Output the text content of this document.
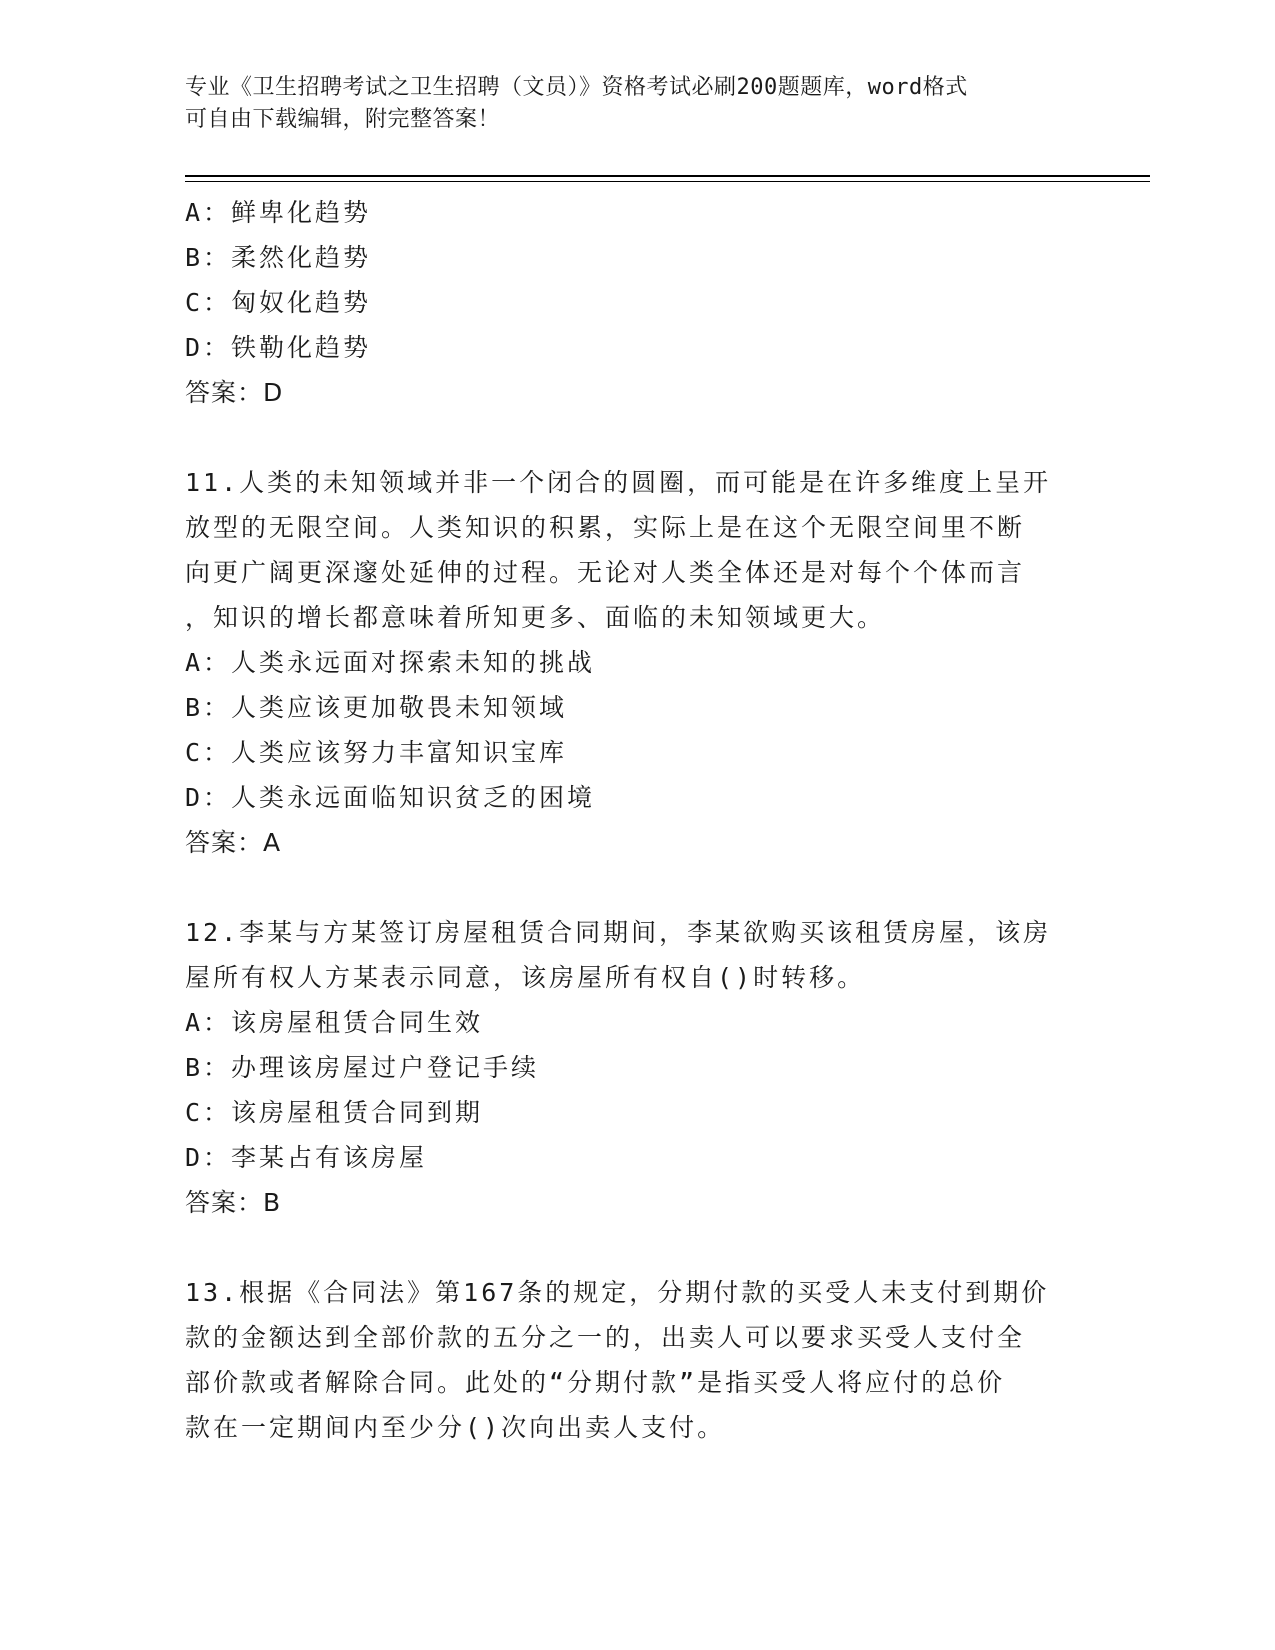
专业《卫生招聘考试之卫生招聘（文员）》资格考试必刷200题题库，word格式
可自由下载编辑，附完整答案！
A：鲜卑化趋势
B：柔然化趋势
C：匈奴化趋势
D：铁勒化趋势
答案：D
11.人类的未知领域并非一个闭合的圆圈，而可能是在许多维度上呈开
放型的无限空间。人类知识的积累，实际上是在这个无限空间里不断
向更广阔更深邃处延伸的过程。无论对人类全体还是对每个个体而言
，知识的增长都意味着所知更多、面临的未知领域更大。
A：人类永远面对探索未知的挑战
B：人类应该更加敬畏未知领域
C：人类应该努力丰富知识宝库
D：人类永远面临知识贫乏的困境
答案：A
12.李某与方某签订房屋租赁合同期间，李某欲购买该租赁房屋，该房
屋所有权人方某表示同意，该房屋所有权自()时转移。
A：该房屋租赁合同生效
B：办理该房屋过户登记手续
C：该房屋租赁合同到期
D：李某占有该房屋
答案：B
13.根据《合同法》第167条的规定，分期付款的买受人未支付到期价
款的金额达到全部价款的五分之一的，出卖人可以要求买受人支付全
部价款或者解除合同。此处的“分期付款”是指买受人将应付的总价
款在一定期间内至少分()次向出卖人支付。
